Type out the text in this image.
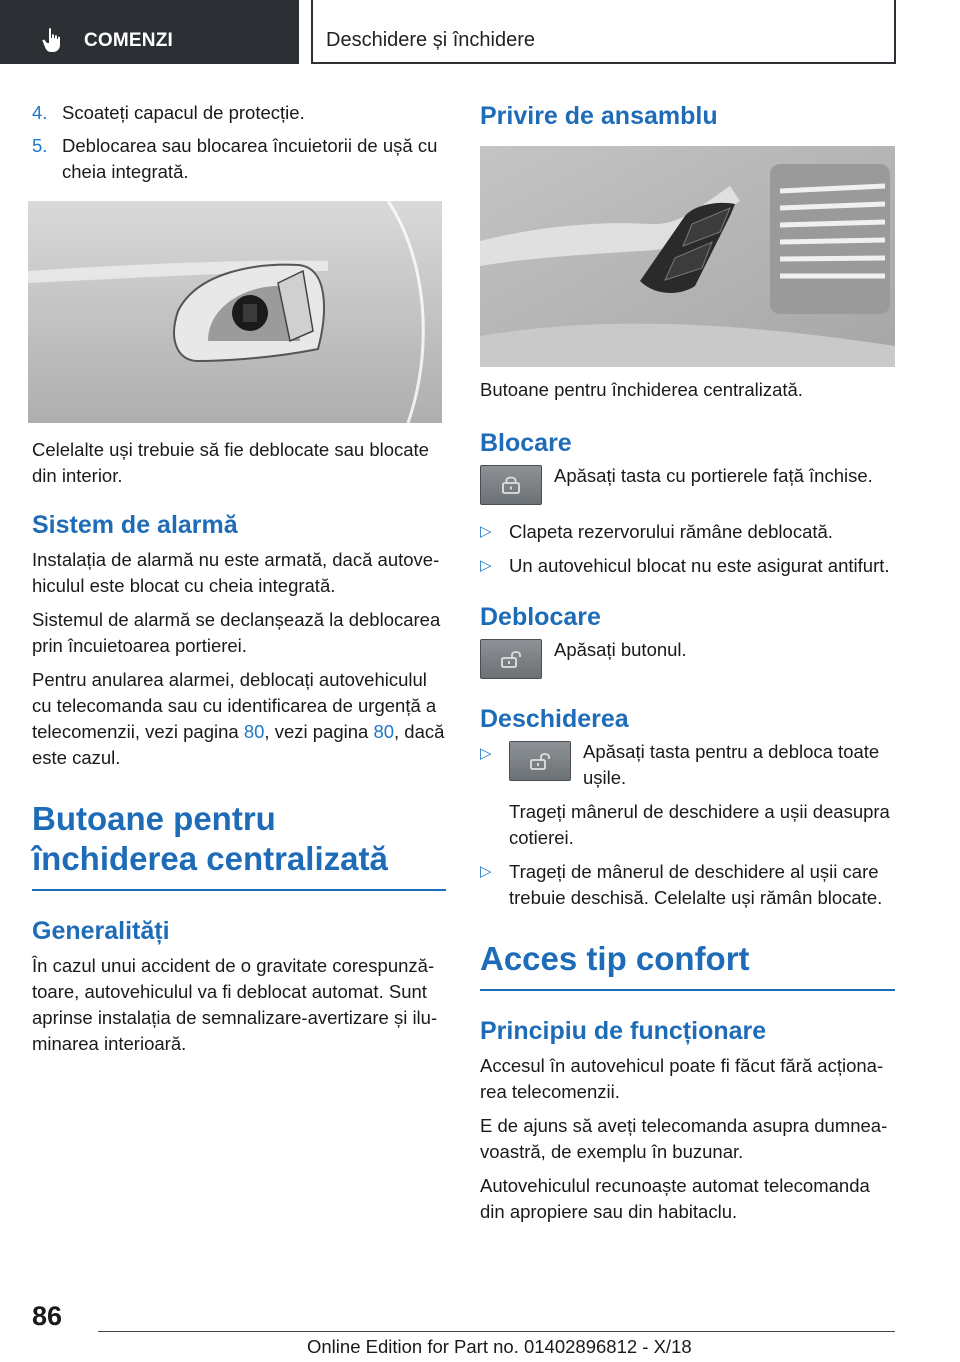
COMENZI	Deschidere și închidere
4. Scoateți capacul de protecție.
5. Deblocarea sau blocarea încuietorii de ușă cu cheia integrată.

Celelalte uși trebuie să fie deblocate sau blocate din interior.

Sistem de alarmă

Instalația de alarmă nu este armată, dacă autovehiculul este blocat cu cheia integrată.

Sistemul de alarmă se declanșează la deblocarea prin încuietoarea portierei.

Pentru anularea alarmei, deblocați autovehiculul cu telecomanda sau cu identificarea de urgență a telecomenzii, vezi pagina 80, vezi pagina 80, dacă este cazul.

Butoane pentru închiderea centralizată
Generalități

În cazul unui accident de o gravitate corespunzătoare, autovehiculul va fi deblocat automat. Sunt aprinse instalația de semnalizare-avertizare și iluminarea interioară.

Privire de ansamblu

Butoane pentru închiderea centralizată.

Blocare
Apăsați tasta cu portierele față închise.
▷ Clapeta rezervorului rămâne deblocată.
▷ Un autovehicul blocat nu este asigurat antifurt.
Deblocare
Apăsați butonul.
Deschiderea
▷	Apăsați tasta pentru a debloca toate ușile.

Trageți mânerul de deschidere a ușii deasupra cotierei.

▷ Trageți de mânerul de deschidere al ușii care trebuie deschisă. Celelalte uși rămân blocate.
Acces tip confort
Principiu de funcționare

Accesul în autovehicul poate fi făcut fără acționarea telecomenzii.

E de ajuns să aveți telecomanda asupra dumneavoastră, de exemplu în buzunar.

Autovehiculul recunoaște automat telecomanda din apropiere sau din habitaclu.

86
Online Edition for Part no. 01402896812 - X/18
